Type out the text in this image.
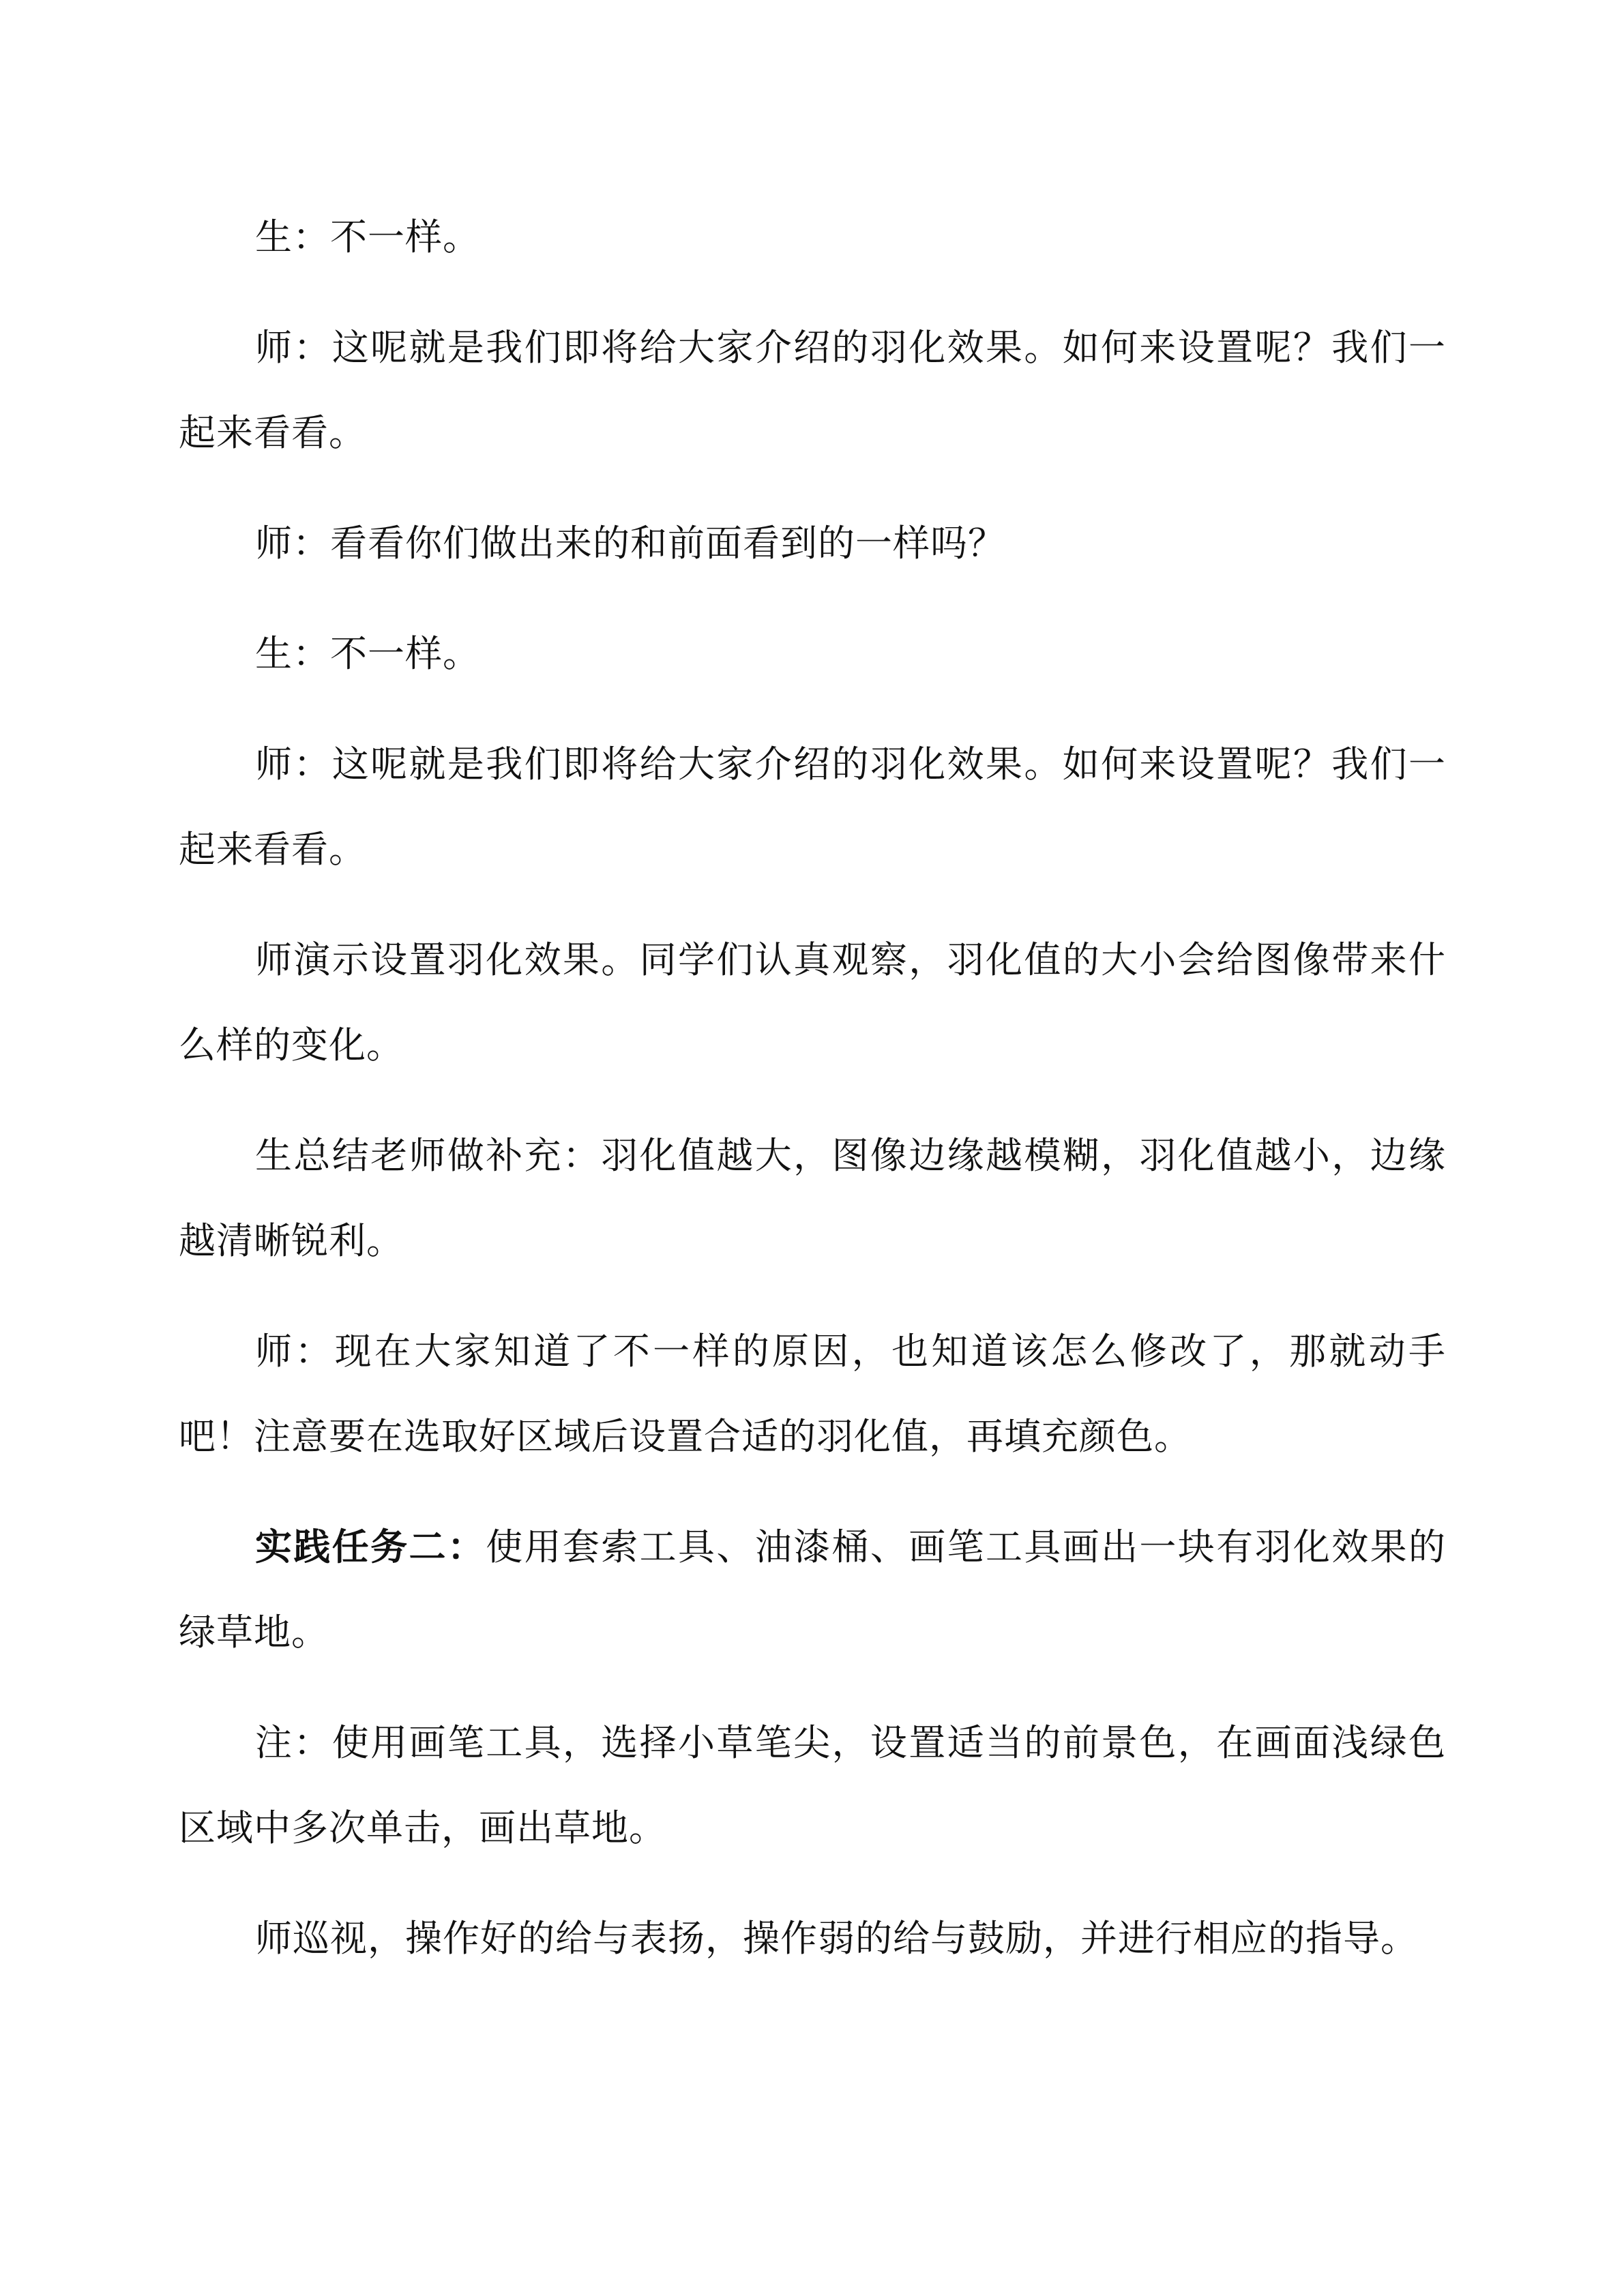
生：不一样。

师：这呢就是我们即将给大家介绍的羽化效果。如何来设置呢？我们一起来看看。

师：看看你们做出来的和前面看到的一样吗？

生：不一样。

师：这呢就是我们即将给大家介绍的羽化效果。如何来设置呢？我们一起来看看。

师演示设置羽化效果。同学们认真观察，羽化值的大小会给图像带来什么样的变化。

生总结老师做补充：羽化值越大，图像边缘越模糊，羽化值越小，边缘越清晰锐利。

师：现在大家知道了不一样的原因，也知道该怎么修改了，那就动手吧！注意要在选取好区域后设置合适的羽化值，再填充颜色。

实践任务二：使用套索工具、油漆桶、画笔工具画出一块有羽化效果的绿草地。

注：使用画笔工具，选择小草笔尖，设置适当的前景色，在画面浅绿色区域中多次单击，画出草地。

师巡视，操作好的给与表扬，操作弱的给与鼓励，并进行相应的指导。
